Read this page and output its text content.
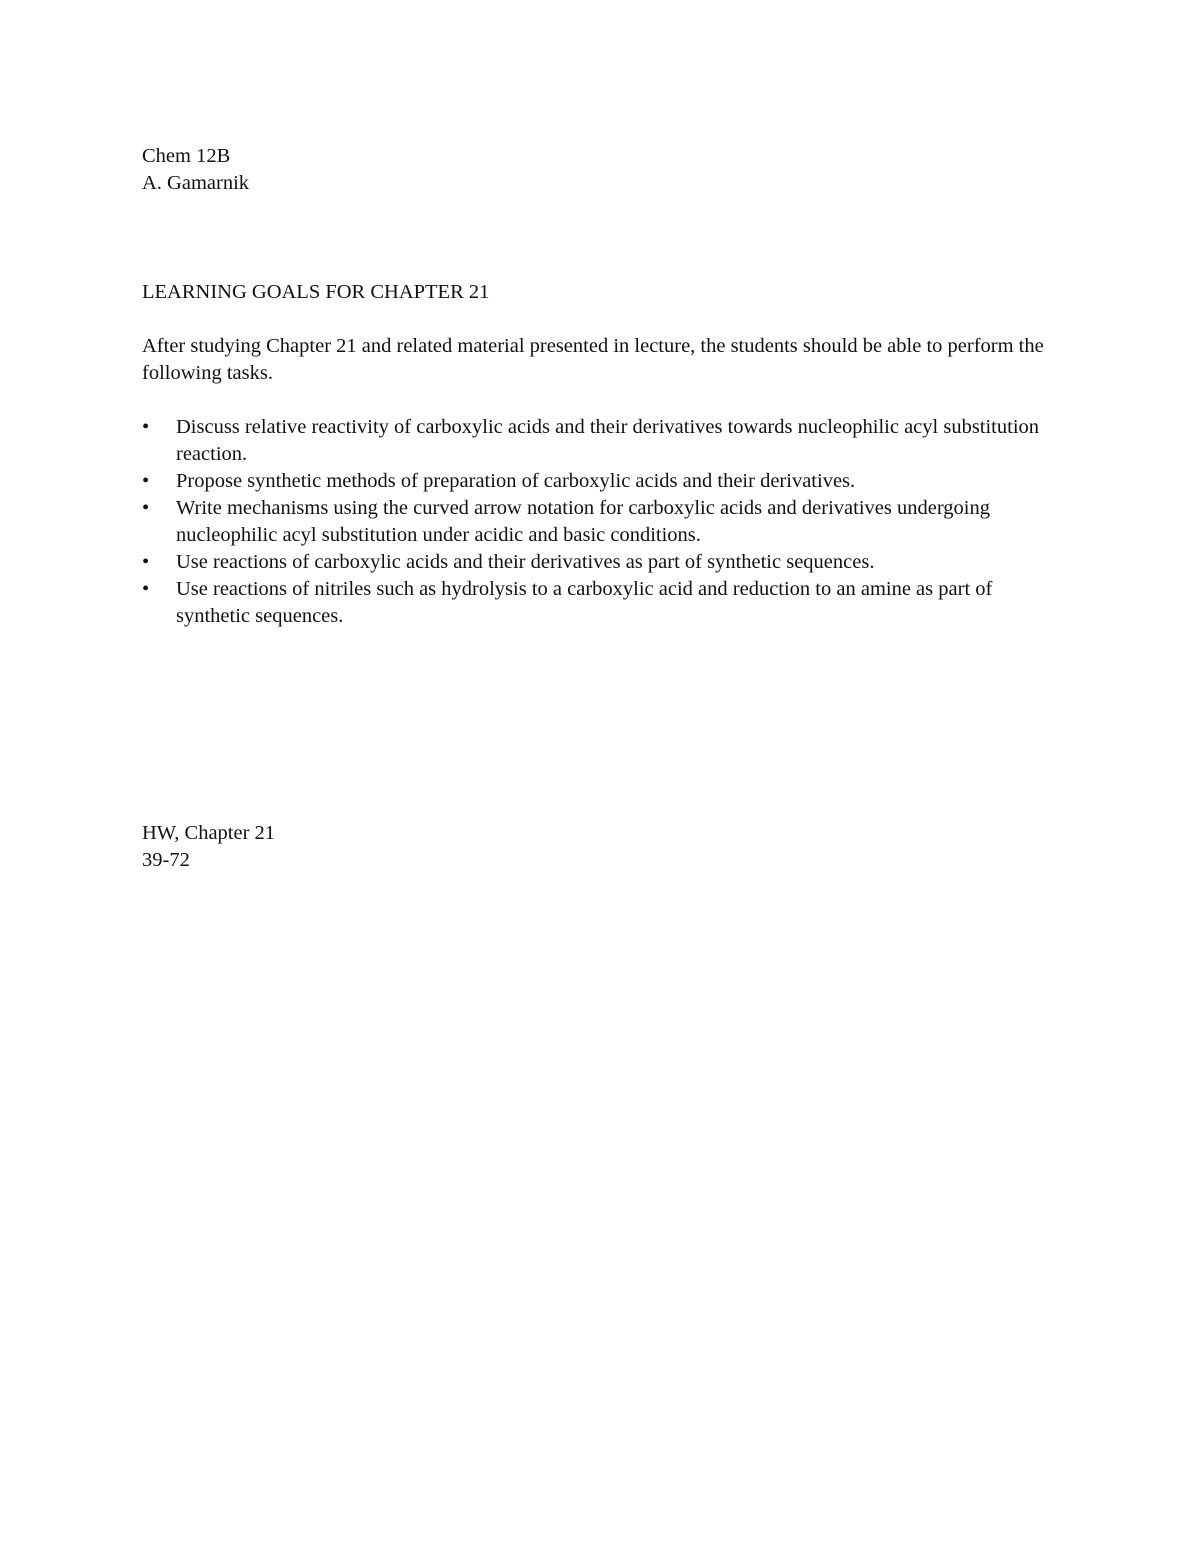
Chem 12B
A. Gamarnik
LEARNING GOALS FOR CHAPTER 21
After studying Chapter 21 and related material presented in lecture, the students should be able to perform the following tasks.
•	Discuss relative reactivity of carboxylic acids and their derivatives towards nucleophilic acyl substitution reaction.
•	Propose synthetic methods of preparation of carboxylic acids and their derivatives.
•	Write mechanisms using the curved arrow notation for carboxylic acids and derivatives undergoing nucleophilic acyl substitution under acidic and basic conditions.
•	Use reactions of carboxylic acids and their derivatives as part of synthetic sequences.
•	Use reactions of nitriles such as hydrolysis to a carboxylic acid and reduction to an amine as part of synthetic sequences.
HW, Chapter 21
39-72
